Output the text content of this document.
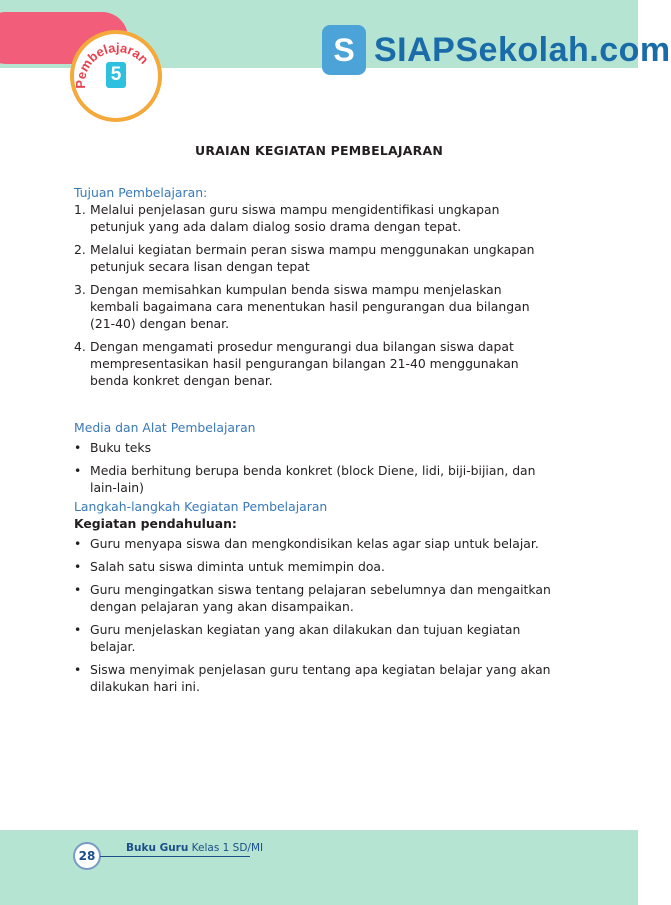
Pembelajaran
5
S SIAPSekolah.com
URAIAN KEGIATAN PEMBELAJARAN

Tujuan Pembelajaran:

1. Melalui penjelasan guru siswa mampu mengidentifikasi ungkapan petunjuk yang ada dalam dialog sosio drama dengan tepat.
2. Melalui kegiatan bermain peran siswa mampu menggunakan ungkapan petunjuk secara lisan dengan tepat
3. Dengan memisahkan kumpulan benda siswa mampu menjelaskan kembali bagaimana cara menentukan hasil pengurangan dua bilangan (21-40) dengan benar.
4. Dengan mengamati prosedur mengurangi dua bilangan siswa dapat mempresentasikan hasil pengurangan bilangan 21-40 menggunakan benda konkret dengan benar.

Media dan Alat Pembelajaran

• Buku teks
• Media berhitung berupa benda konkret (block Diene, lidi, biji-bijian, dan lain-lain)

Langkah-langkah Kegiatan Pembelajaran

Kegiatan pendahuluan:

• Guru menyapa siswa dan mengkondisikan kelas agar siap untuk belajar.
• Salah satu siswa diminta untuk memimpin doa.
• Guru mengingatkan siswa tentang pelajaran sebelumnya dan mengaitkan dengan pelajaran yang akan disampaikan.
• Guru menjelaskan kegiatan yang akan dilakukan dan tujuan kegiatan belajar.
• Siswa menyimak penjelasan guru tentang apa kegiatan belajar yang akan dilakukan hari ini.
28
Buku Guru Kelas 1 SD/MI
